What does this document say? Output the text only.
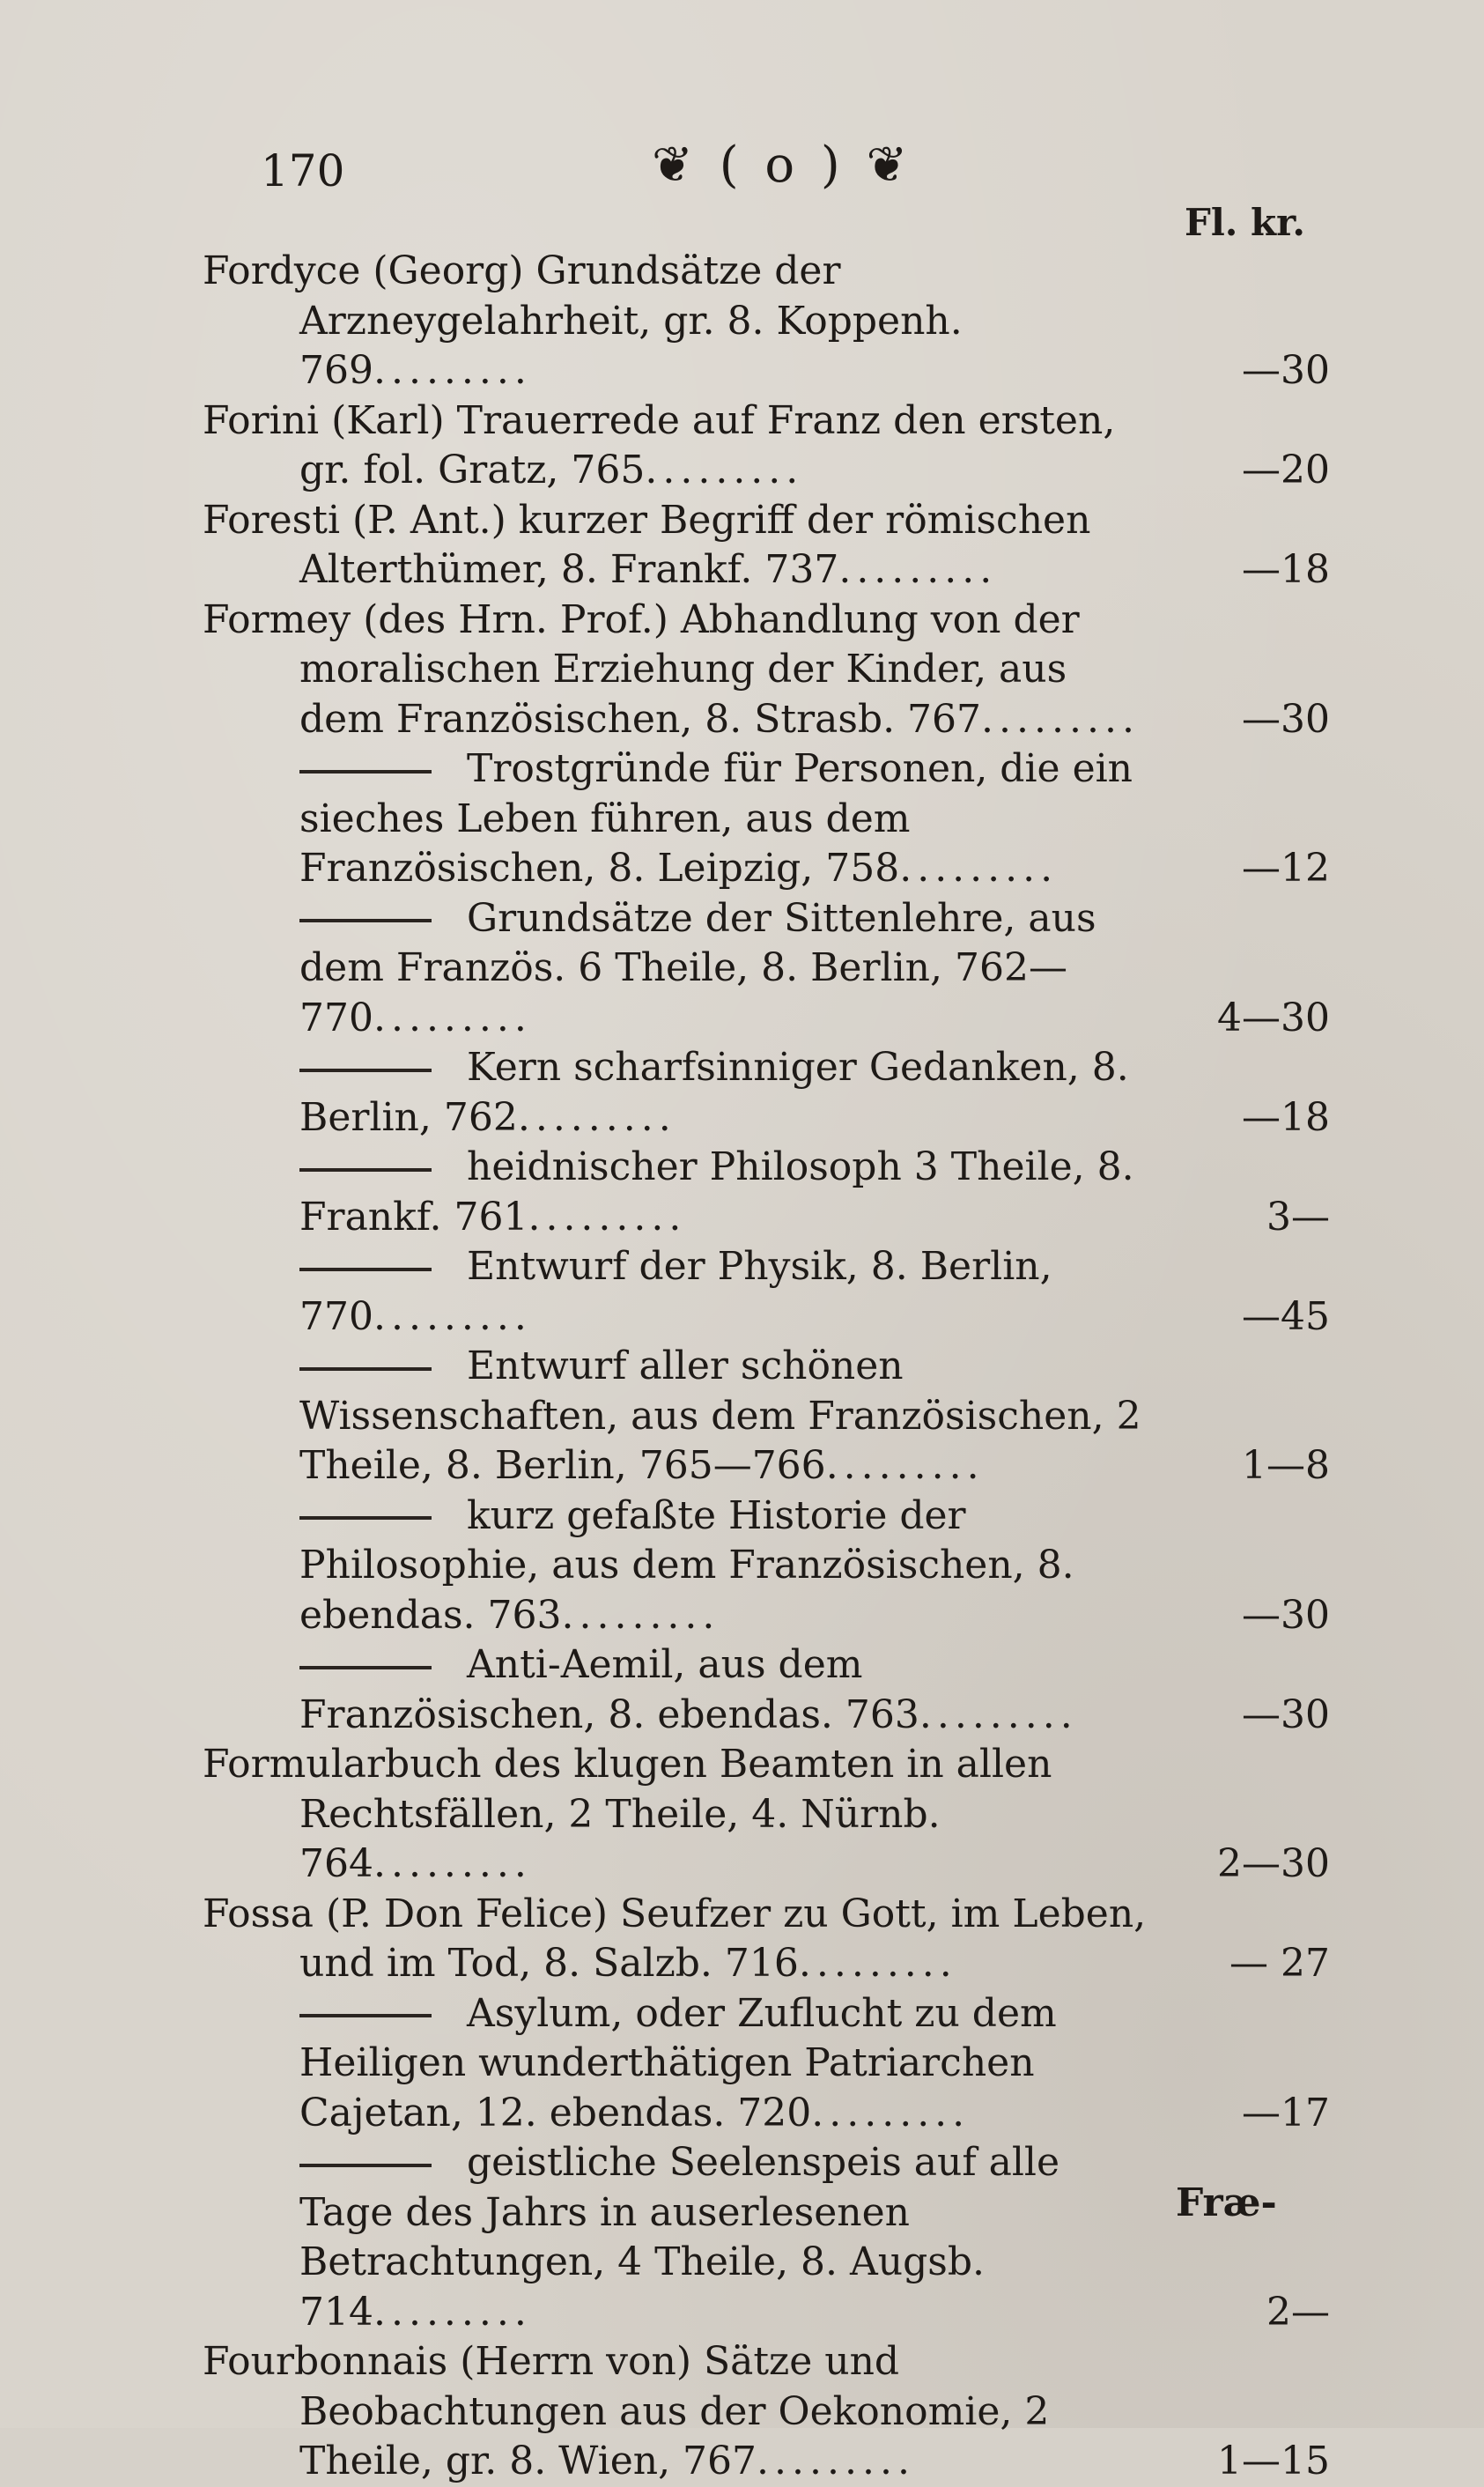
170	❦ ( o ) ❦
Fl. kr.
Fordyce (Georg) Grundsätze der Arzneygelahrheit, gr. 8. Koppenh. 769.........	—30
Forini (Karl) Trauerrede auf Franz den ersten, gr. fol. Gratz, 765.........	—20
Foresti (P. Ant.) kurzer Begriff der römischen Alterthümer, 8. Frankf. 737.........	—18
Formey (des Hrn. Prof.) Abhandlung von der moralischen Erziehung der Kinder, aus dem Französischen, 8. Strasb. 767.........	—30
Trostgründe für Personen, die ein sieches Leben führen, aus dem Französischen, 8. Leipzig, 758.........	—12
Grundsätze der Sittenlehre, aus dem Französ. 6 Theile, 8. Berlin, 762—770.........	4—30
Kern scharfsinniger Gedanken, 8. Berlin, 762.........	—18
heidnischer Philosoph 3 Theile, 8. Frankf. 761.........	3—
Entwurf der Physik, 8. Berlin, 770.........	—45
Entwurf aller schönen Wissenschaften, aus dem Französischen, 2 Theile, 8. Berlin, 765—766.........	1—8
kurz gefaßte Historie der Philosophie, aus dem Französischen, 8. ebendas. 763.........	—30
Anti-Aemil, aus dem Französischen, 8. ebendas. 763.........	—30
Formularbuch des klugen Beamten in allen Rechtsfällen, 2 Theile, 4. Nürnb. 764.........	2—30
Fossa (P. Don Felice) Seufzer zu Gott, im Leben, und im Tod, 8. Salzb. 716.........	— 27
Asylum, oder Zuflucht zu dem Heiligen wunderthätigen Patriarchen Cajetan, 12. ebendas. 720.........	—17
geistliche Seelenspeis auf alle Tage des Jahrs in auserlesenen Betrachtungen, 4 Theile, 8. Augsb. 714.........	2—
Fourbonnais (Herrn von) Sätze und Beobachtungen aus der Oekonomie, 2 Theile, gr. 8. Wien, 767.........	1—15
Fræ-
